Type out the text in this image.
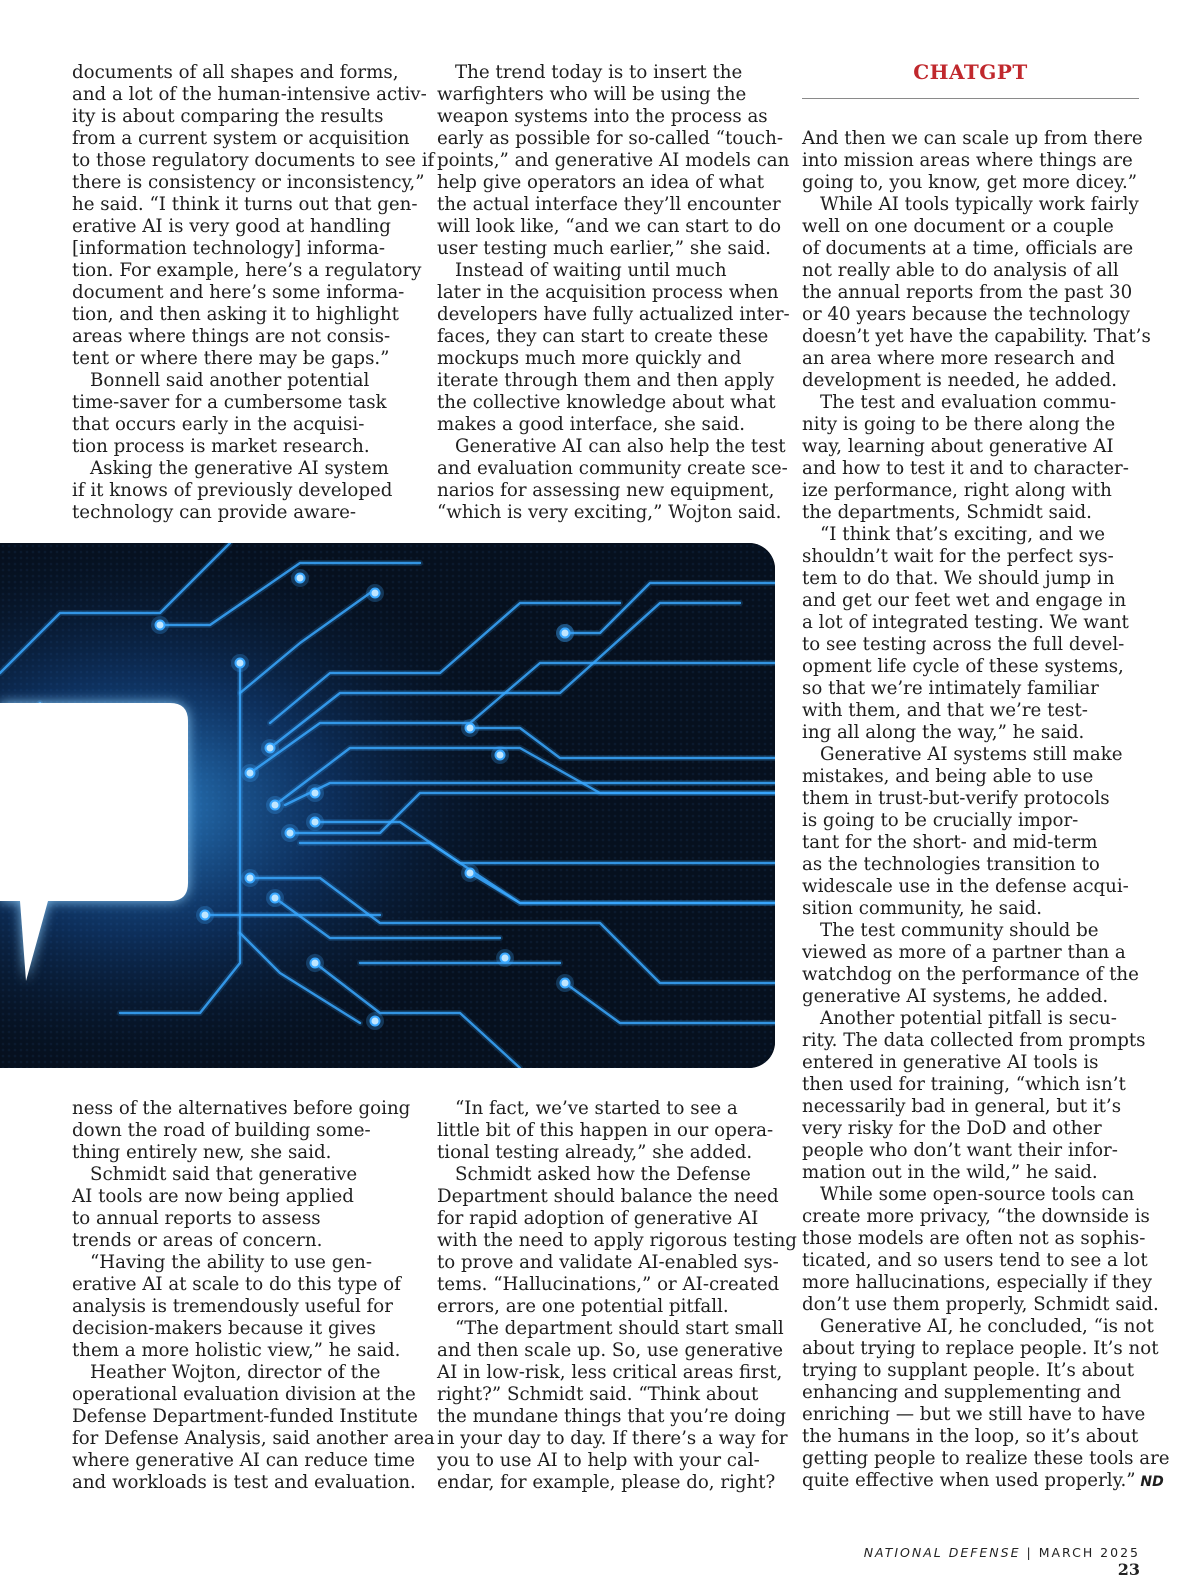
CHATGPT
documents of all shapes and forms,
and a lot of the human-intensive activ-
ity is about comparing the results
from a current system or acquisition
to those regulatory documents to see if
there is consistency or inconsistency,”
he said. “I think it turns out that gen-
erative AI is very good at handling
[information technology] informa-
tion. For example, here’s a regulatory
document and here’s some informa-
tion, and then asking it to highlight
areas where things are not consis-
tent or where there may be gaps.”
Bonnell said another potential
time-saver for a cumbersome task
that occurs early in the acquisi-
tion process is market research.
Asking the generative AI system
if it knows of previously developed
technology can provide aware-
The trend today is to insert the
warfighters who will be using the
weapon systems into the process as
early as possible for so-called “touch-
points,” and generative AI models can
help give operators an idea of what
the actual interface they’ll encounter
will look like, “and we can start to do
user testing much earlier,” she said.
Instead of waiting until much
later in the acquisition process when
developers have fully actualized inter-
faces, they can start to create these
mockups much more quickly and
iterate through them and then apply
the collective knowledge about what
makes a good interface, she said.
Generative AI can also help the test
and evaluation community create sce-
narios for assessing new equipment,
“which is very exciting,” Wojton said.
ness of the alternatives before going
down the road of building some-
thing entirely new, she said.
Schmidt said that generative
AI tools are now being applied
to annual reports to assess
trends or areas of concern.
“Having the ability to use gen-
erative AI at scale to do this type of
analysis is tremendously useful for
decision-makers because it gives
them a more holistic view,” he said.
Heather Wojton, director of the
operational evaluation division at the
Defense Department-funded Institute
for Defense Analysis, said another area
where generative AI can reduce time
and workloads is test and evaluation.
“In fact, we’ve started to see a
little bit of this happen in our opera-
tional testing already,” she added.
Schmidt asked how the Defense
Department should balance the need
for rapid adoption of generative AI
with the need to apply rigorous testing
to prove and validate AI-enabled sys-
tems. “Hallucinations,” or AI-created
errors, are one potential pitfall.
“The department should start small
and then scale up. So, use generative
AI in low-risk, less critical areas first,
right?” Schmidt said. “Think about
the mundane things that you’re doing
in your day to day. If there’s a way for
you to use AI to help with your cal-
endar, for example, please do, right?
And then we can scale up from there
into mission areas where things are
going to, you know, get more dicey.”
While AI tools typically work fairly
well on one document or a couple
of documents at a time, officials are
not really able to do analysis of all
the annual reports from the past 30
or 40 years because the technology
doesn’t yet have the capability. That’s
an area where more research and
development is needed, he added.
The test and evaluation commu-
nity is going to be there along the
way, learning about generative AI
and how to test it and to character-
ize performance, right along with
the departments, Schmidt said.
“I think that’s exciting, and we
shouldn’t wait for the perfect sys-
tem to do that. We should jump in
and get our feet wet and engage in
a lot of integrated testing. We want
to see testing across the full devel-
opment life cycle of these systems,
so that we’re intimately familiar
with them, and that we’re test-
ing all along the way,” he said.
Generative AI systems still make
mistakes, and being able to use
them in trust-but-verify protocols
is going to be crucially impor-
tant for the short- and mid-term
as the technologies transition to
widescale use in the defense acqui-
sition community, he said.
The test community should be
viewed as more of a partner than a
watchdog on the performance of the
generative AI systems, he added.
Another potential pitfall is secu-
rity. The data collected from prompts
entered in generative AI tools is
then used for training, “which isn’t
necessarily bad in general, but it’s
very risky for the DoD and other
people who don’t want their infor-
mation out in the wild,” he said.
While some open-source tools can
create more privacy, “the downside is
those models are often not as sophis-
ticated, and so users tend to see a lot
more hallucinations, especially if they
don’t use them properly, Schmidt said.
Generative AI, he concluded, “is not
about trying to replace people. It’s not
trying to supplant people. It’s about
enhancing and supplementing and
enriching — but we still have to have
the humans in the loop, so it’s about
getting people to realize these tools are
quite effective when used properly.” ND
NATIONAL DEFENSE | MARCH 2025 23
